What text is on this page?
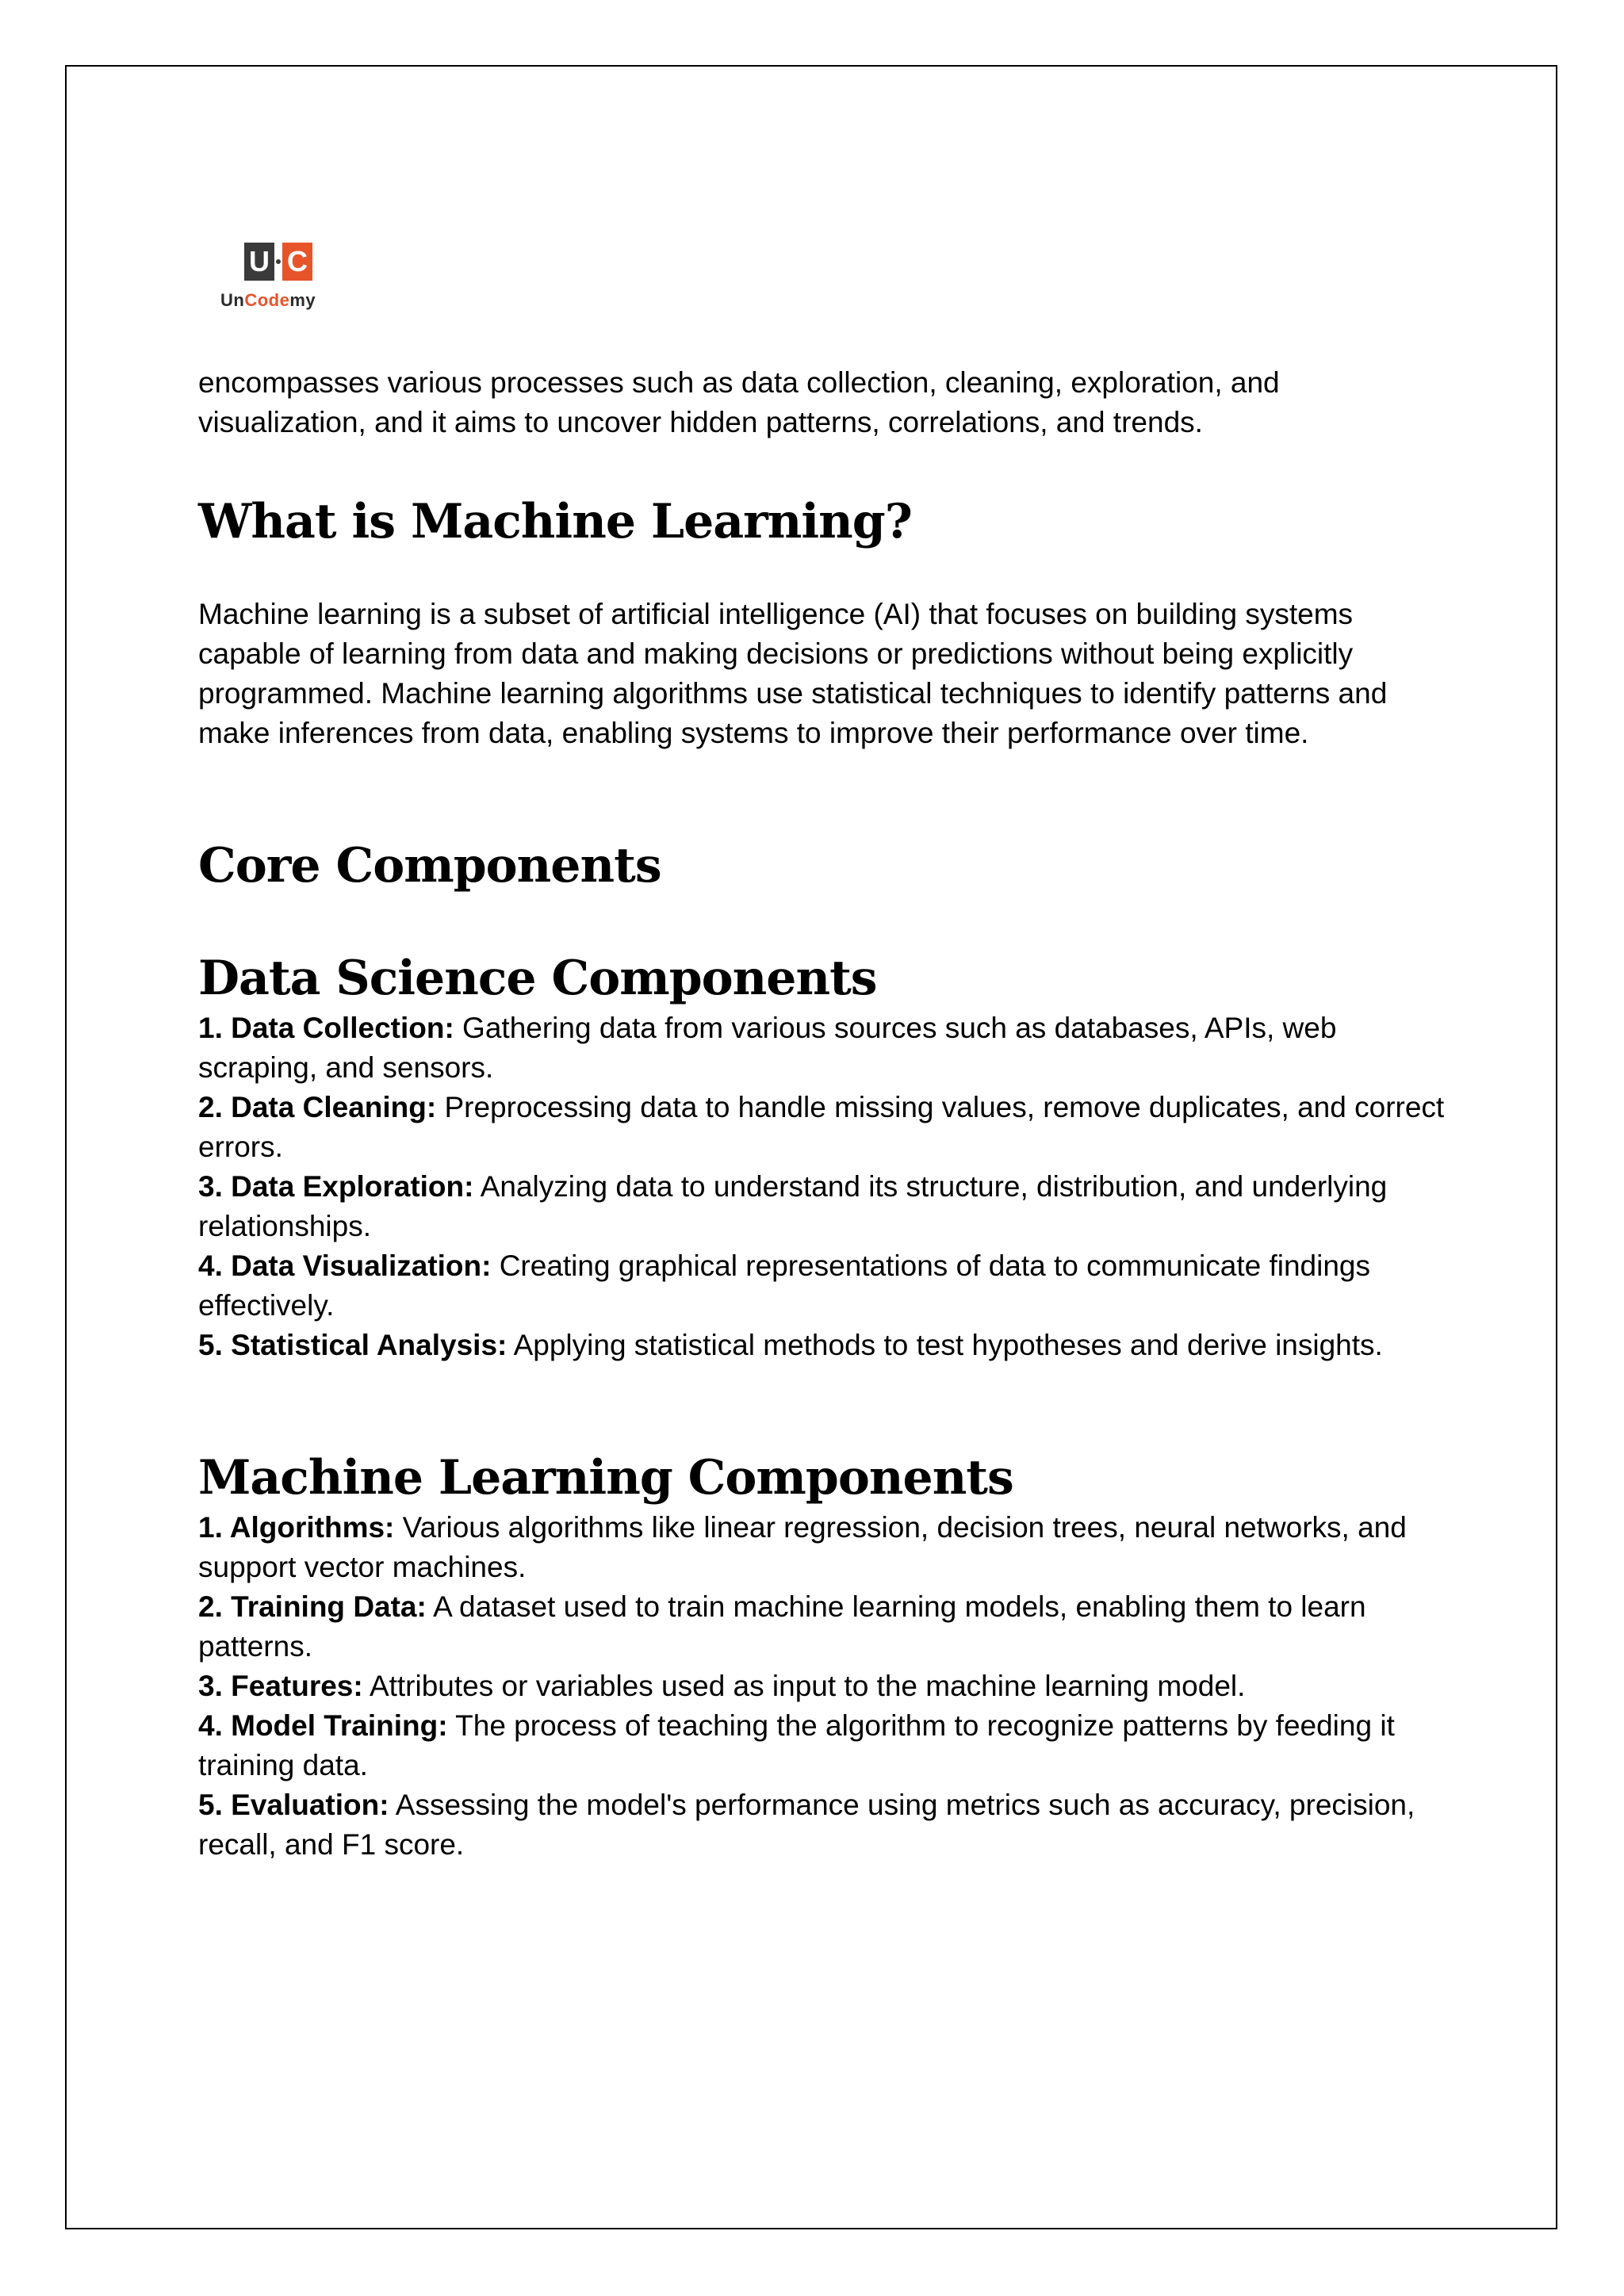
U C
UnCodemy

encompasses various processes such as data collection, cleaning, exploration, and visualization, and it aims to uncover hidden patterns, correlations, and trends.

What is Machine Learning?

Machine learning is a subset of artificial intelligence (AI) that focuses on building systems capable of learning from data and making decisions or predictions without being explicitly programmed. Machine learning algorithms use statistical techniques to identify patterns and make inferences from data, enabling systems to improve their performance over time.

Core Components
Data Science Components
1. Data Collection: Gathering data from various sources such as databases, APIs, web scraping, and sensors.
2. Data Cleaning: Preprocessing data to handle missing values, remove duplicates, and correct errors.
3. Data Exploration: Analyzing data to understand its structure, distribution, and underlying relationships.
4. Data Visualization: Creating graphical representations of data to communicate findings effectively.
5. Statistical Analysis: Applying statistical methods to test hypotheses and derive insights.
Machine Learning Components
1. Algorithms: Various algorithms like linear regression, decision trees, neural networks, and support vector machines.
2. Training Data: A dataset used to train machine learning models, enabling them to learn patterns.
3. Features: Attributes or variables used as input to the machine learning model.
4. Model Training: The process of teaching the algorithm to recognize patterns by feeding it training data.
5. Evaluation: Assessing the model's performance using metrics such as accuracy, precision, recall, and F1 score.
